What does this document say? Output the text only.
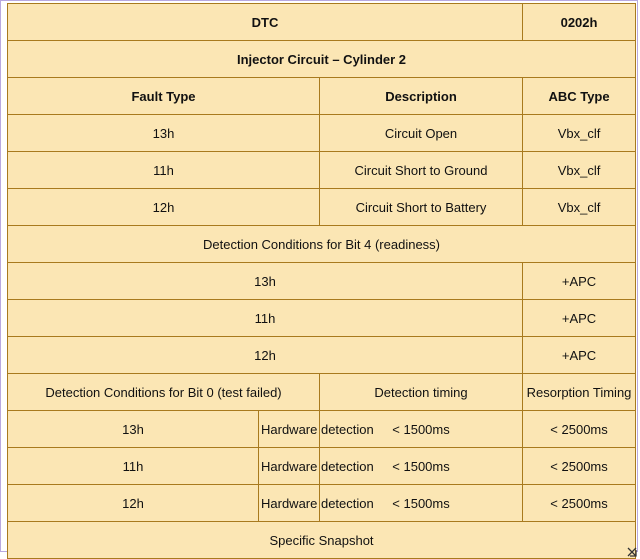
DTC			0202h
Injector Circuit – Cylinder 2			
Fault Type		Description	ABC Type
13h		Circuit Open	Vbx_clf
11h		Circuit Short to Ground	Vbx_clf
12h		Circuit Short to Battery	Vbx_clf
Detection Conditions for Bit 4 (readiness)			
13h			+APC
11h			+APC
12h			+APC
Detection Conditions for Bit 0 (test failed)		Detection timing	Resorption Timing
13h	Hardware detection	< 1500ms	< 2500ms
11h	Hardware detection	< 1500ms	< 2500ms
12h	Hardware detection	< 1500ms	< 2500ms
Specific Snapshot			
